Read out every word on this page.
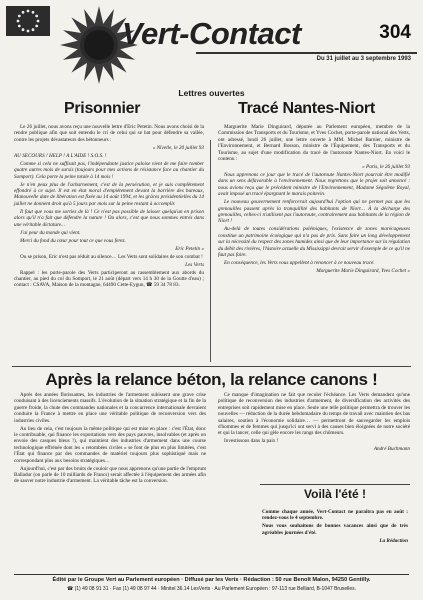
Vert-Contact	304
Du 31 juillet au 3 septembre 1993
Lettres ouvertes
Prisonnier

Le 26 juillet, nous avons reçu une nouvelle lettre d'Eric Petetin. Nous avons choisi de la rendre publique afin que soit entendu le cri de celui qui se bat pour défendre sa vallée, contre les projets dévastateurs des bétonneurs :

« Nîvelle, le 20 juillet 93

AU SECOURS ! HELP ! A L'AIDE ! S.O.S. !

Comme si cela ne suffisait pas, l'indépendante justice paloise vient de me faire tomber quatre autres mois de sursis (toujours pour mes actions de résistance face au chantier du Somport). Cela porte la peine totale à 14 mois !

Je n'en peux plus de l'acharnement, c'est de la persécution, et je suis complètement effondré à ce sujet. Il est en état moral d'empiétement devant la barrière des bureaux, Manouvelle date de libération est fixée au 14 août 1994, et les grâces présidentielles du 14 juillet ne donnent droit qu'à 5 jours par mois sur la peine restant à accomplir.

Il faut que vous me sortiez de là ! Ce n'est pas possible de laisser quelqu'un en prison alors qu'il n'a fait que défendre la nature ! Ou alors, c'est que nous sommes entrés dans une véritable dictature...

J'ai peur du monde qui vient.

Merci du fond du cœur pour tout ce que vous ferez.

Eric Petetin »

Ou se prison, Eric n'est pas réduit au silence… Les Verts sont solidaires de son combat !

Les Verts

Rappel : les porte-parole des Verts participeront au rassemblement aux abords du chantier, au pied du col du Somport, le 21 août (départ vers 14 h 30 de la Goutte d'eau) ; contact : CSAVA, Maison de la montagne, 64490 Cette-Eygun, ☎ 59 34 78 83.

Tracé Nantes-Niort

Marguerite Marie Dinguirard, députée au Parlement européen, membre de la Commission des Transports et du Tourisme, et Yves Cochet, porte-parole national des Verts, ont adressé, lundi 26 juillet, une lettre ouverte à MM. Michel Barnier, ministre de l'Environnement, et Bernard Bosson, ministre de l'Équipement, des Transports et du Tourisme, au sujet d'une modification du tracé de l'autoroute Nantes-Niort. En voici le contenu :

« Paris, le 26 juillet 93

Nous apprenons ce jour que le tracé de l'autoroute Nantes-Niort pourrait être modifié dans un sens défavorable à l'environnement. Nous regrettons que le projet soit annoncé : nous avions reçu que le précédent ministre de l'Environnement, Madame Ségolène Royal, avait imposé un tracé épargnant le marais poitevin.

Le nouveau gouvernement renforcerait aujourd'hui l'option qui ne permet pas que les grenouilles passent après la tranquillité des habitants de Niort… À la décharge des grenouilles, celles-ci n'utilisent pas l'autoroute, contrairement aux habitants de la région de Niort !

Au-delà de toutes considérations polémiques, l'existence de zones marécageuses constitue un patrimoine écologique qui n'a pas de prix. Sans faire un long développement sur la nécessité du respect des zones humides ainsi que de leur importance sur la régulation du débit des rivières, l'histoire actuelle du Mississippi devrait servir d'exemple de ce qu'il ne faut pas faire.

En conséquence, les Verts vous appellent à renoncer à ce nouveau tracé.

Marguerite Marie Dinguirard, Yves Cochet »

Après la relance béton, la relance canons !

Après des années florissantes, les industries de l'armement subissent une grave crise conduisant à des licenciements massifs. L'évolution de la situation stratégique et la fin de la guerre froide, la chute des commandes nationales et la concurrence internationale devraient conduire la France à mettre en place une véritable politique de reconversion vers des industries civiles.

Au lieu de cela, c'est toujours la même politique qui est mise en place : c'est l'État, donc le contribuable, qui finance les exportations vers des pays pauvres, insolvables (et après on envoie des casques bleus !), qui maintient des industries d'armement dans une course technologique effrénée dont les « retombées civiles » se font de plus en plus limitées, c'est l'État qui finance par des commandes de matériel toujours plus sophistiqué mais ne correspondant plus aux besoins stratégiques...

Aujourd'hui, c'est par des bruits de couloir que nous apprenons qu'une partie de l'emprunt Balladur (on parle de 10 milliards de Francs) serait affectée à l'équipement des armées afin de sauver notre industrie d'armement. La véritable tâche est la conversion.

Ce manque d'imagination ne fait que reculer l'échéance. Les Verts demandent qu'une politique de reconversion des industries d'armement, de diversification des activités des entreprises soit rapidement mise en place. Seule une telle politique permettra de trouver les nouvelles — réduction de la durée hebdomadaire du temps de travail avec maintien des bas salaires, soutien à l'économie solidaire… — permettront de sauvegarder les emplois d'hommes et de femmes qui jusqu'ici ont servi à des causes bien éloignées de notre société et qui la lancer, celle qui gèle encore les rangs des chômeurs.

Investissons dans la paix !

André Buchmann

Voilà l'été !

Comme chaque année, Vert-Contact ne paraîtra pas en août : rendez-vous le 4 septembre.

Nous vous souhaitons de bonnes vacances ainsi que de très agréables journées d'été.

La Rédaction

Édité par le Groupe Vert au Parlement européen · Diffusé par les Verts · Rédaction : 50 rue Benoît Malon, 94250 Gentilly.
☎ (1) 49 08 91 31 · Fax (1) 49 08 97 44 · Minitel 36.14 LesVerts · Au Parlement Européen : 97-113 rue Belliard, B-1047 Bruxelles.
